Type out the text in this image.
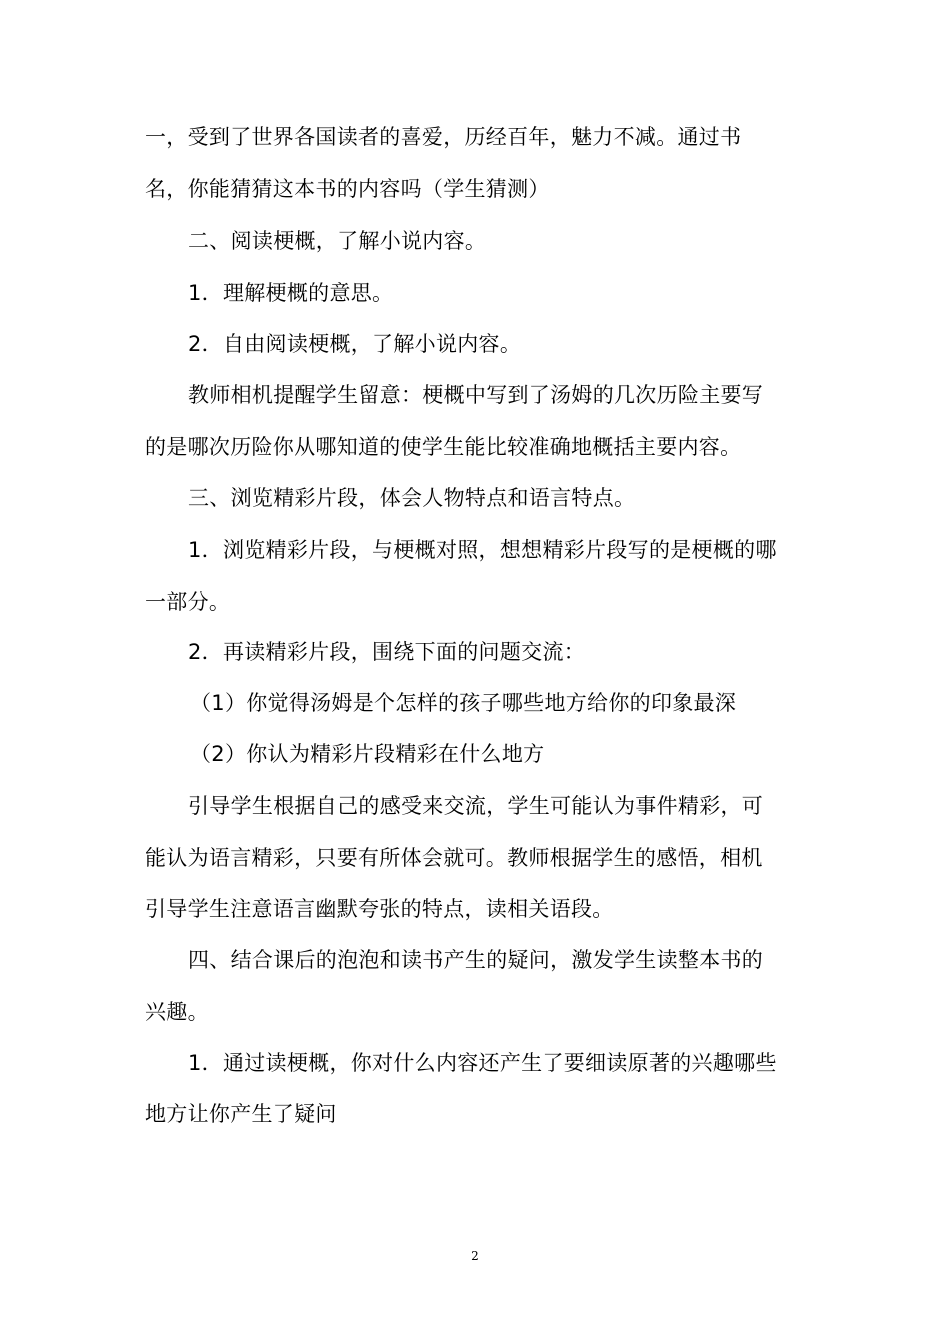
一，受到了世界各国读者的喜爱，历经百年，魅力不减。通过书
名，你能猜猜这本书的内容吗（学生猜测）
二、阅读梗概，了解小说内容。
1．理解梗概的意思。
2．自由阅读梗概，了解小说内容。
教师相机提醒学生留意：梗概中写到了汤姆的几次历险主要写
的是哪次历险你从哪知道的使学生能比较准确地概括主要内容。
三、浏览精彩片段，体会人物特点和语言特点。
1．浏览精彩片段，与梗概对照，想想精彩片段写的是梗概的哪
一部分。
2．再读精彩片段，围绕下面的问题交流：
（1）你觉得汤姆是个怎样的孩子哪些地方给你的印象最深
（2）你认为精彩片段精彩在什么地方
引导学生根据自己的感受来交流，学生可能认为事件精彩，可
能认为语言精彩，只要有所体会就可。教师根据学生的感悟，相机
引导学生注意语言幽默夸张的特点，读相关语段。
四、结合课后的泡泡和读书产生的疑问，激发学生读整本书的
兴趣。
1．通过读梗概，你对什么内容还产生了要细读原著的兴趣哪些
地方让你产生了疑问
2
